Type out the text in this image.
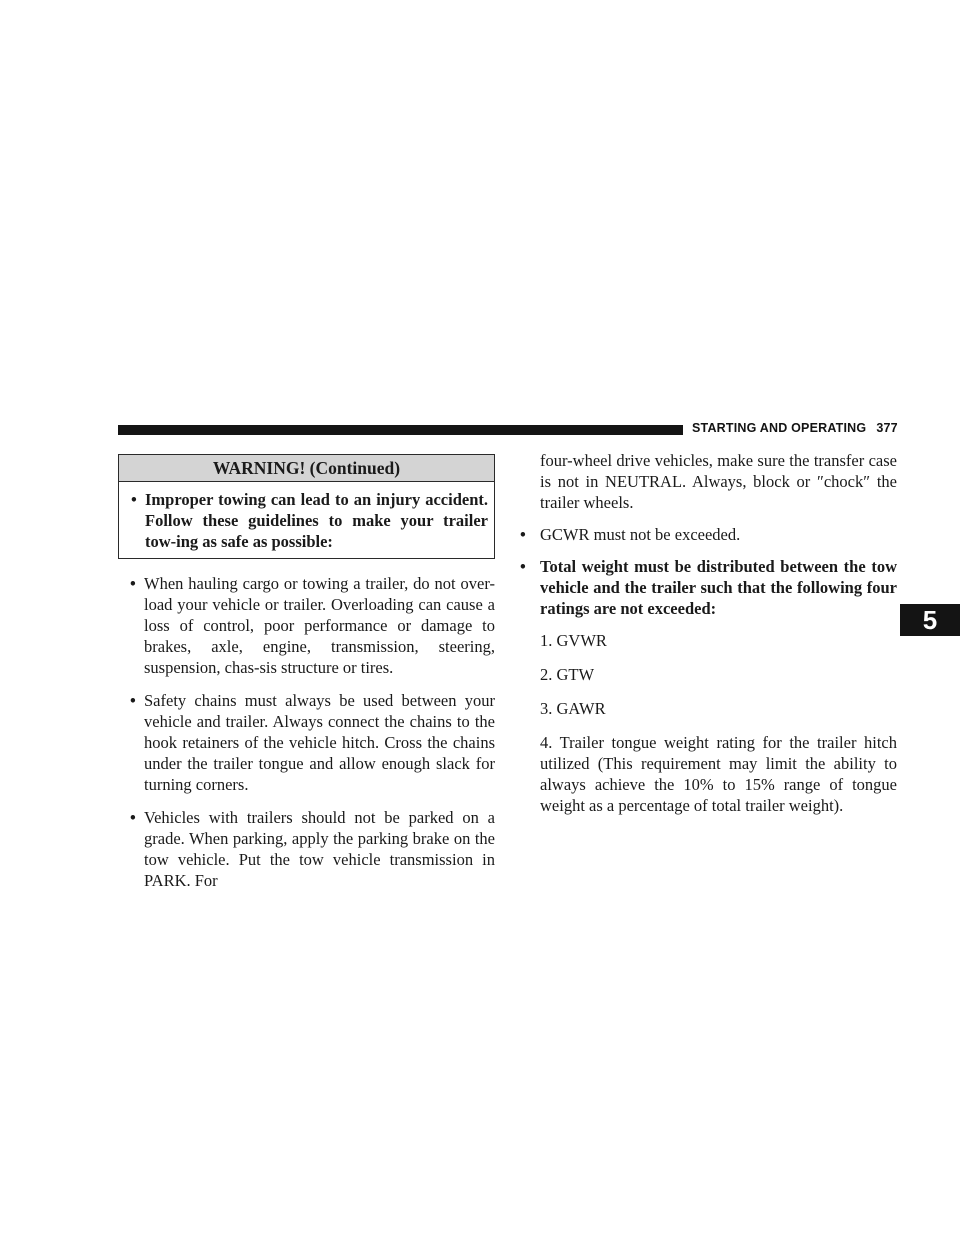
STARTING AND OPERATING 377
5
WARNING! (Continued)
• Improper towing can lead to an injury accident. Follow these guidelines to make your trailer tow-ing as safe as possible:
• When hauling cargo or towing a trailer, do not over-load your vehicle or trailer. Overloading can cause a loss of control, poor performance or damage to brakes, axle, engine, transmission, steering, suspension, chas-sis structure or tires.
• Safety chains must always be used between your vehicle and trailer. Always connect the chains to the hook retainers of the vehicle hitch. Cross the chains under the trailer tongue and allow enough slack for turning corners.
• Vehicles with trailers should not be parked on a grade. When parking, apply the parking brake on the tow vehicle. Put the tow vehicle transmission in PARK. For
four-wheel drive vehicles, make sure the transfer case is not in NEUTRAL. Always, block or ″chock″ the trailer wheels.
• GCWR must not be exceeded.
• Total weight must be distributed between the tow vehicle and the trailer such that the following four ratings are not exceeded:
1. GVWR
2. GTW
3. GAWR
4. Trailer tongue weight rating for the trailer hitch utilized (This requirement may limit the ability to always achieve the 10% to 15% range of tongue weight as a percentage of total trailer weight).
